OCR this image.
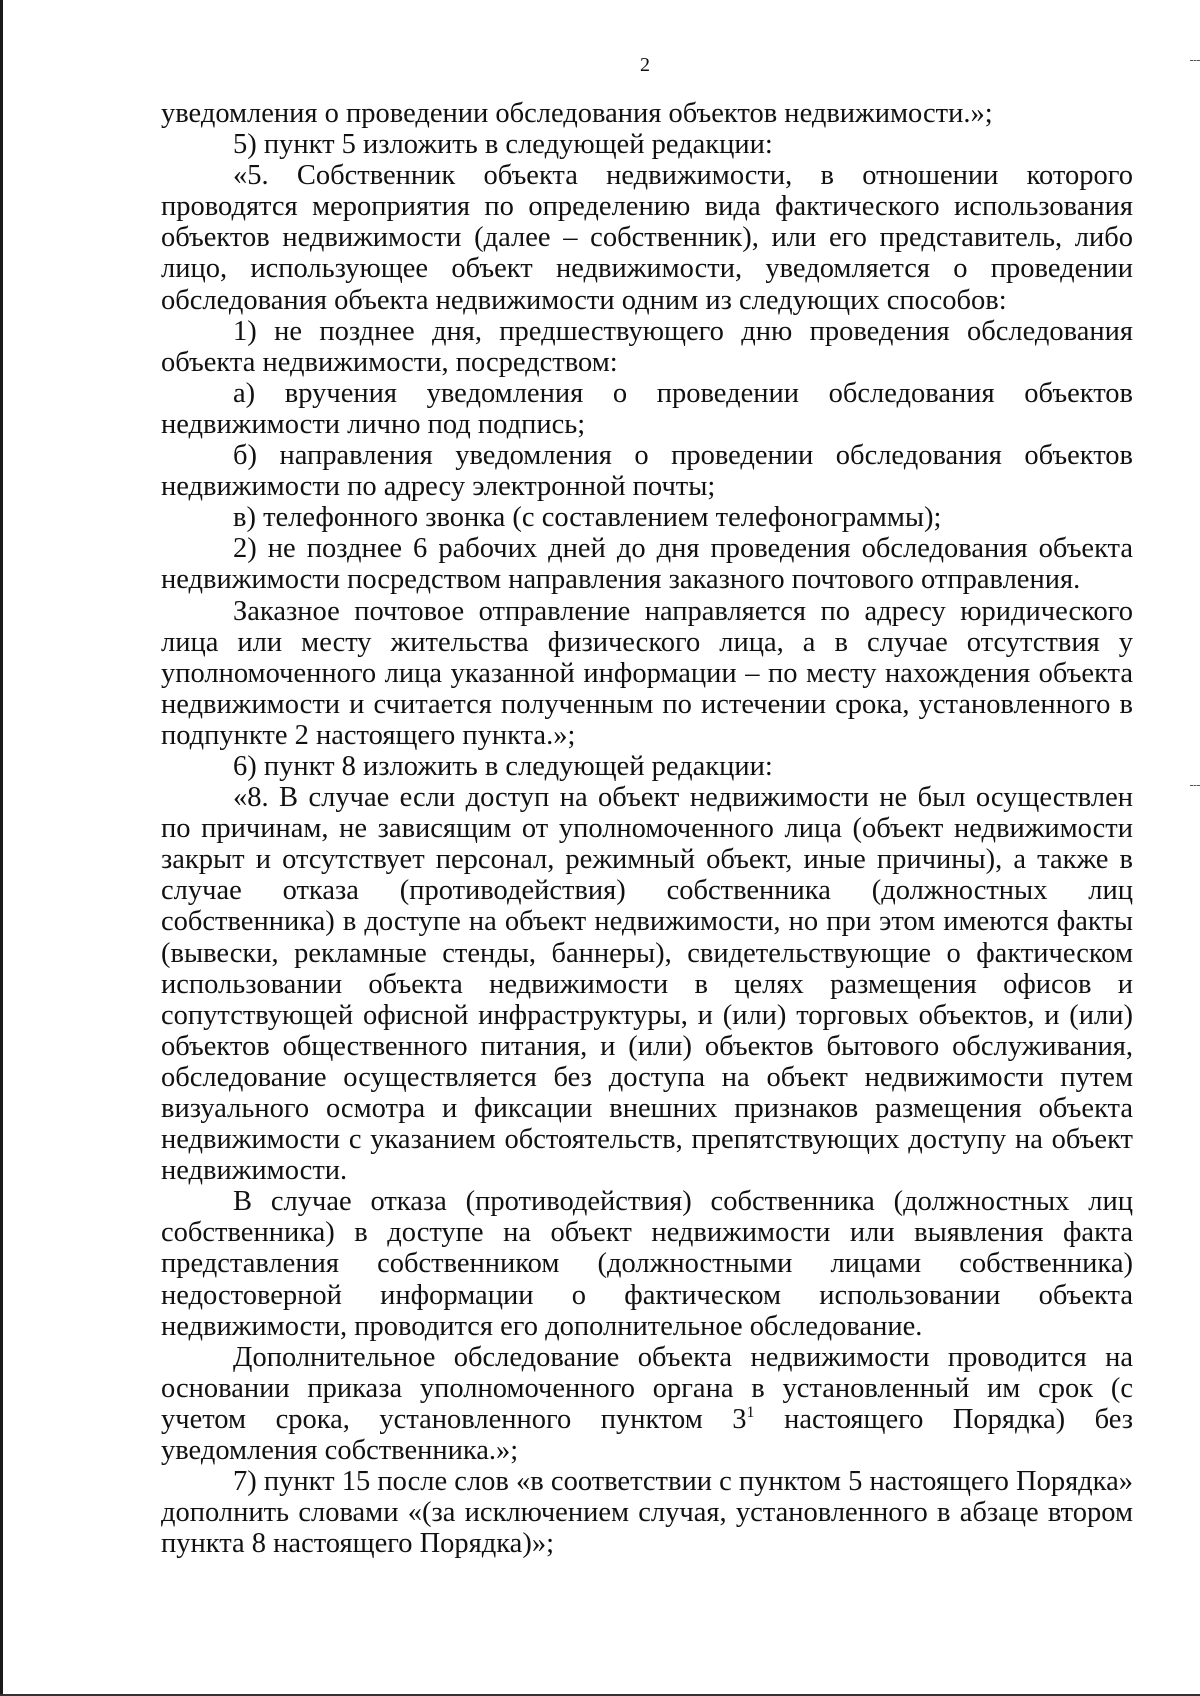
2

уведомления о проведении обследования объектов недвижимости.»;

5) пункт 5 изложить в следующей редакции:

«5. Собственник объекта недвижимости, в отношении которого проводятся мероприятия по определению вида фактического использования объектов недвижимости (далее – собственник), или его представитель, либо лицо, использующее объект недвижимости, уведомляется о проведении обследования объекта недвижимости одним из следующих способов:

1) не позднее дня, предшествующего дню проведения обследования объекта недвижимости, посредством:

а) вручения уведомления о проведении обследования объектов недвижимости лично под подпись;

б) направления уведомления о проведении обследования объектов недвижимости по адресу электронной почты;

в) телефонного звонка (с составлением телефонограммы);

2) не позднее 6 рабочих дней до дня проведения обследования объекта недвижимости посредством направления заказного почтового отправления.

Заказное почтовое отправление направляется по адресу юридического лица или месту жительства физического лица, а в случае отсутствия у уполномоченного лица указанной информации – по месту нахождения объекта недвижимости и считается полученным по истечении срока, установленного в подпункте 2 настоящего пункта.»;

6) пункт 8 изложить в следующей редакции:

«8. В случае если доступ на объект недвижимости не был осуществлен по причинам, не зависящим от уполномоченного лица (объект недвижимости закрыт и отсутствует персонал, режимный объект, иные причины), а также в случае отказа (противодействия) собственника (должностных лиц собственника) в доступе на объект недвижимости, но при этом имеются факты (вывески, рекламные стенды, баннеры), свидетельствующие о фактическом использовании объекта недвижимости в целях размещения офисов и сопутствующей офисной инфраструктуры, и (или) торговых объектов, и (или) объектов общественного питания, и (или) объектов бытового обслуживания, обследование осуществляется без доступа на объект недвижимости путем визуального осмотра и фиксации внешних признаков размещения объекта недвижимости с указанием обстоятельств, препятствующих доступу на объект недвижимости.

В случае отказа (противодействия) собственника (должностных лиц собственника) в доступе на объект недвижимости или выявления факта представления собственником (должностными лицами собственника) недостоверной информации о фактическом использовании объекта недвижимости, проводится его дополнительное обследование.

Дополнительное обследование объекта недвижимости проводится на основании приказа уполномоченного органа в установленный им срок (с учетом срока, установленного пунктом $3^1$ настоящего Порядка) без уведомления собственника.»;

7) пункт 15 после слов «в соответствии с пунктом 5 настоящего Порядка» дополнить словами «(за исключением случая, установленного в абзаце втором пункта 8 настоящего Порядка)»;
